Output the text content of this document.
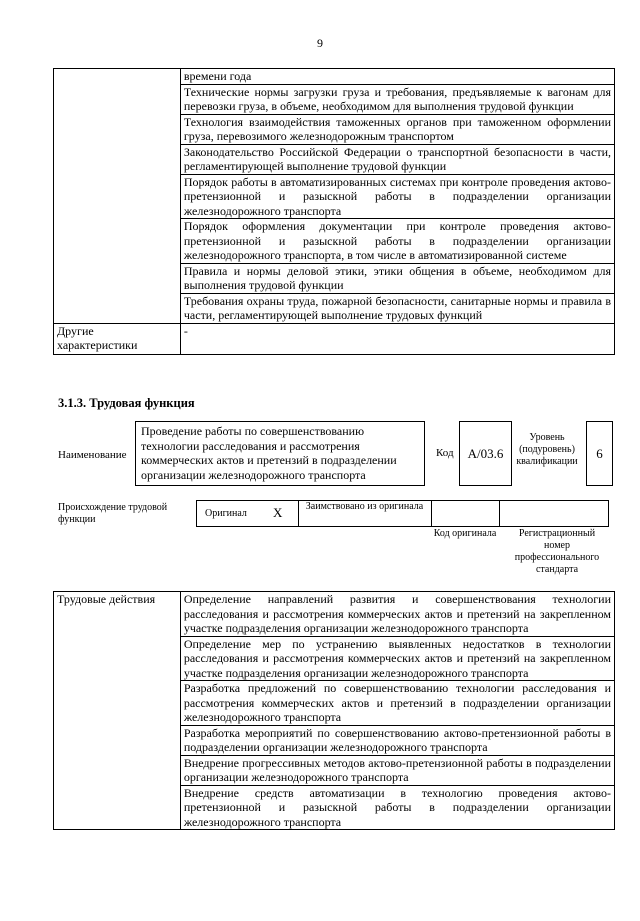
9
	времени года
	Технические нормы загрузки груза и требования, предъявляемые к вагонам для перевозки груза, в объеме, необходимом для выполнения трудовой функции
	Технология взаимодействия таможенных органов при таможенном оформлении груза, перевозимого железнодорожным транспортом
	Законодательство Российской Федерации о транспортной безопасности в части, регламентирующей выполнение трудовой функции
	Порядок работы в автоматизированных системах при контроле проведения актово-претензионной и разыскной работы в подразделении организации железнодорожного транспорта
	Порядок оформления документации при контроле проведения актово-претензионной и разыскной работы в подразделении организации железнодорожного транспорта, в том числе в автоматизированной системе
	Правила и нормы деловой этики, этики общения в объеме, необходимом для выполнения трудовой функции
	Требования охраны труда, пожарной безопасности, санитарные нормы и правила в части, регламентирующей выполнение трудовых функций
Другие характеристики	-
3.1.3. Трудовая функция
Наименование
Проведение работы по совершенствованию технологии расследования и рассмотрения коммерческих актов и претензий в подразделении организации железнодорожного транспорта
Код	A/03.6
Уровень (подуровень) квалификации
6
Происхождение трудовой функции
Оригинал X	Заимствовано из оригинала
Код оригинала	Регистрационный номер профессионального стандарта
Трудовые действия	Определение направлений развития и совершенствования технологии расследования и рассмотрения коммерческих актов и претензий на закрепленном участке подразделения организации железнодорожного транспорта
Определение мер по устранению выявленных недостатков в технологии расследования и рассмотрения коммерческих актов и претензий на закрепленном участке подразделения организации железнодорожного транспорта
Разработка предложений по совершенствованию технологии расследования и рассмотрения коммерческих актов и претензий в подразделении организации железнодорожного транспорта
Разработка мероприятий по совершенствованию актово-претензионной работы в подразделении организации железнодорожного транспорта
Внедрение прогрессивных методов актово-претензионной работы в подразделении организации железнодорожного транспорта
Внедрение средств автоматизации в технологию проведения актово-претензионной и разыскной работы в подразделении организации железнодорожного транспорта
